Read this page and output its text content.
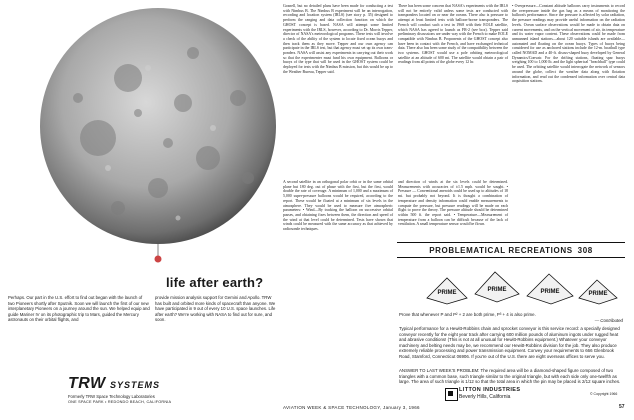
life after earth?
Perhaps. Our part in the U.S. effort to find out began with the launch of two Pioneers shortly after Sputnik. Soon we will launch the first of our new interplanetary Pioneers on a journey around the sun. We helped equip and guide Mariner IV on its photographic trip to Mars, guided the Mercury astronauts on their orbital flights, and
provide mission analysis support for Gemini and Apollo. TRW has built and orbited more kinds of spacecraft than anyone. We have participated in 9 out of every 10 U.S. space launches. Life after earth? We're working with NASA to find out for sure, and soon.
TRW SYSTEMS
Formerly TRW Space Technology Laboratories
ONE SPACE PARK • REDONDO BEACH, CALIFORNIA

Gosnell, but no detailed plans have been made for conducting a test with Nimbus B. The Nimbus B experiment will be an interrogation, recording and location system (IRLS) (see story p. 35) designed to perform the ranging and data collection function on which the GHOST concept is based. NASA will attempt some limited experiments with the IRLS, however, according to Dr. Morris Tepper, director of NASA's meteorological programs. These tests will involve a check of the ability of the system to locate fixed ocean buoys and then track them as they move. Tepper and our own agency can participate in the IRLS test, but that agency must set up its own trans-ponders. NASA will assist any experiments in carrying out their work so that the experimenter must fund his own equipment. Balloons or buoys of the type that will be used in the GHOST system could be deployed for tests with the Nimbus B mission, but this would be up to the Weather Bureau, Tepper said.

There has been some concern that NASA's experiments with the IRLS will not be entirely valid unless some tests are conducted with transponders located on or near the oceans. There also is pressure to attempt at least limited tests with balloon-borne transponders. The French will conduct such a test in 1968 with their EOLE satellite, which NASA has agreed to launch as FR-2 (see box). Tepper said preliminary discussions are under way with the French to make EOLE compatible with Nimbus B. Proponents of the GHOST concept also have been in contact with the French, and have exchanged technical data. There also has been some study of the compatibility between the two systems. GHOST would use a pole orbiting meteorological satellite at an altitude of 600 mi. The satellite would obtain a pair of readings from all points of the globe every 12 hr.

A second satellite in an orthogonal polar orbit or in the same orbital plane but 180 deg. out of phase with the first, but the first, would double the rate of coverage. A minimum of 1,000 and a maximum of 5,000 super-pressure balloons would be required, according to the report. These would be floated at a minimum of six levels in the atmosphere. They would be used to measure five atmospheric parameters: • Wind—By tracking the balloon on successive orbital passes, and obtaining fixes between them, the direction and speed of the wind at that level could be determined. Tests have shown that winds could be measured with the same accuracy as that achieved by radiosonde techniques.

and direction of winds at the six levels could be determined. Measurements with accuracies of ±1.5 mph. would be sought. • Pressure — Conventional aneroids could be used up to altitudes of 18 mi. but probably not beyond. It is thought a combination of temperature and density information could enable measurements to compute the pressure, but pressure readings will be made on each flight to prove the theory. The pressure altitude should be determined within 500 ft. the report said. • Temperature—Measurement of temperature from a balloon can be difficult because of the lack of ventilation. A small temperature sensor would be flown.

• Overpressure—Constant altitude balloons carry instruments to record the overpressure inside the gas bag as a means of monitoring the balloon's performance. Since the pressure is affected by solar radiation, the pressure readings may provide useful information on the radiation levels. Ocean surface observations would be made to obtain data on current movements, and on the vertical movement of air, its temperature and its water vapor content. These observations could be made from unmanned island stations—about 120 suitable islands are available—automated and floating on the ocean buoys. Types of buoys being considered for use as anchored stations include the 12-m. boathull type called NOMAD and a 40-ft. discus-shaped buoy developed by General Dynamics/Convair. For the drifting stations, floating spar buoys weighing 100 to 1,000 lb. and the light spherical "beachball" type could be used. The orbiting satellite would interrogate the network of sensors around the globe, collect the weather data along with flotation information, and read out the condensed information over central data acquisition stations.

PROBLEMATICAL RECREATIONS 308
PRIME	PRIME	PRIME	PRIME
Prove that whenever P and P² + 2 are both prime, P³ + 4 is also prime.
— Contributed
Typical performance for a Hewitt-Robbins chain and sprocket conveyor is this service record: a specially designed conveyor recently for the eight year track after carrying 600 million pounds of aluminum ingots under rugged heat and abrasive conditions! (This is not at all unusual for Hewitt-Robbins equipment.) Whatever your conveyor machinery and belting needs may be, we recommend our Hewitt-Robbins division for the job. They also produce extremely reliable processing and power transmission equipment. Convey your requirements to 666 Glenbrook Road, Stamford, Connecticut 06906. If you're out of the U.S. there are eight overseas offices to serve you.
ANSWER TO LAST WEEK'S PROBLEM: The required area will be a diamond-shaped figure composed of two triangles with a common base, such triangle similar to the original triangle, but with each side only one-twelfth as large. The area of such triangle is 1/12 so that the total area in which the pin may be placed is 2/12 square inches.
LITTON INDUSTRIES
Beverly Hills, California	© Copyright 1966
AVIATION WEEK & SPACE TECHNOLOGY, January 3, 1966	57
